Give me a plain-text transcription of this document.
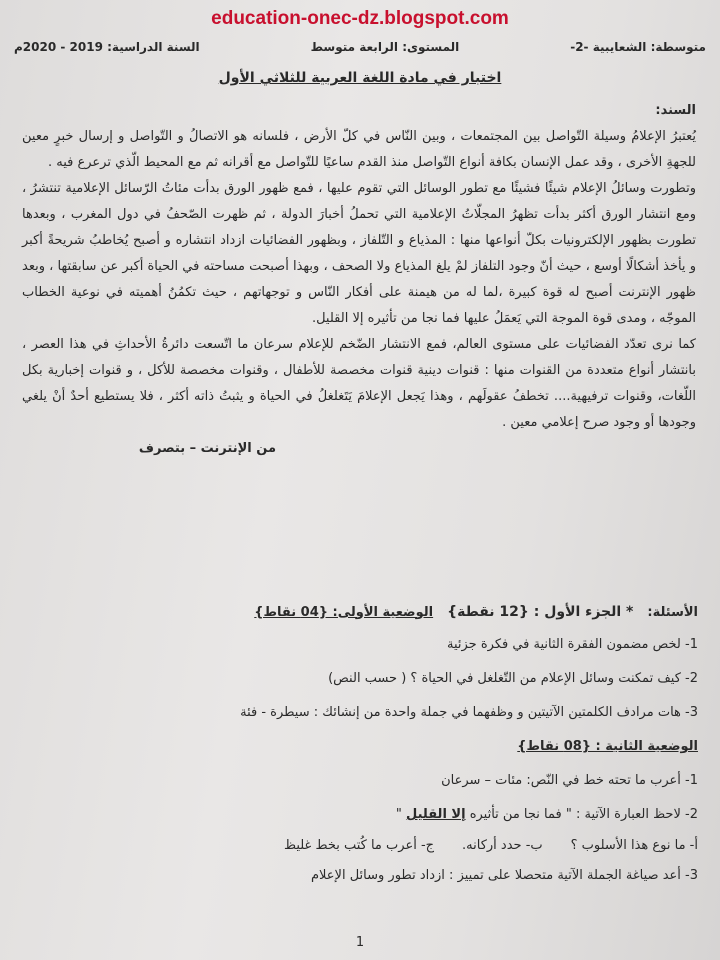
education-onec-dz.blogspot.com
متوسطة: الشعايبية -2-
المستوى: الرابعة متوسط
السنة الدراسية: 2019 - 2020م
اختبار في مادة اللغة العربية للثلاثي الأول
السند:

يُعتبرُ الإعلامُ وسيلة التّواصل بين المجتمعات ، وبين النّاس في كلّ الأرض ، فلسانه هو الاتصالُ و التّواصل و إرسال خبرٍ معين للجهةِ الأخرى ، وقد عمل الإنسان بكافة أنواع التّواصل منذ القدم ساعيًا للتّواصل مع أقرانه ثم مع المحيط الّذي ترعرع فيه .

وتطورت وسائلُ الإعلام شيئًا فشيئًا مع تطور الوسائل التي تقوم عليها ، فمع ظهور الورق بدأت مئاتُ الرّسائل الإعلامية تنتشرُ ، ومع انتشار الورق أكثر بدأت تظهرُ المجلّاتُ الإعلامية التي تحملُ أخبارَ الدولة ، ثم ظهرت الصّحفُ في دول المغرب ، وبعدها تطورت بظهور الإلكترونيات بكلّ أنواعها منها : المذياع و التّلفاز ، وبظهور الفضائيات ازداد انتشاره و أصبح يُخاطبُ شريحةً أكبر و يأخذ أشكالًا أوسع ، حيث أنّ وجود التلفاز لمْ يلغ المذياع ولا الصحف ، وبهذا أصبحت مساحته في الحياة أكبر عن سابقتها ، وبعد ظهور الإنترنت أصبح له قوة كبيرة ،لما له من هيمنة على أفكار النّاس و توجهاتهم ، حيث تكمُنُ أهميته في نوعية الخطاب الموجّه ، ومدى قوة الموجة التي يَعمَلُ عليها فما نجا من تأثيره إلا القليل.

كما نرى تعدّد الفضائيات على مستوى العالم، فمع الانتشار الضّخم للإعلام سرعان ما اتّسعت دائرةُ الأحداثِ في هذا العصر ، بانتشار أنواع متعددة من القنوات منها : قنوات دينية قنوات مخصصة للأطفال ، وقنوات مخصصة للأكل ، و قنوات إخبارية بكل اللّغات، وقنوات ترفيهية.... تخطفُ عقولَهم ، وهذا يَجعل الإعلامَ يَتَغلغلُ في الحياة و يثبتُ ذاته أكثر ، فلا يستطيع أحدٌ أنْ يلغي وجودها أو وجود صرح إعلامي معين .

من الإنترنت – بتصرف
الأسئلة:
* الجزء الأول : {12 نقطة}
الوضعية الأولى: {04 نقاط}

1- لخص مضمون الفقرة الثانية في فكرة جزئية

2- كيف تمكنت وسائل الإعلام من التّغلغل في الحياة ؟ ( حسب النص)

3- هات مرادف الكلمتين الآتيتين و وظفهما في جملة واحدة من إنشائك : سيطرة - فئة

الوضعية الثانية : {08 نقاط}

1- أعرب ما تحته خط في النّص: مئات – سرعان

2- لاحظ العبارة الآتية : " فما نجا من تأثيره إلا القليل "

أ- ما نوع هذا الأسلوب ؟
ب- حدد أركانه.
ج- أعرب ما كُتب بخط غليظ

3- أعد صياغة الجملة الآتية متحصلا على تمييز : ازداد تطور وسائل الإعلام

1
